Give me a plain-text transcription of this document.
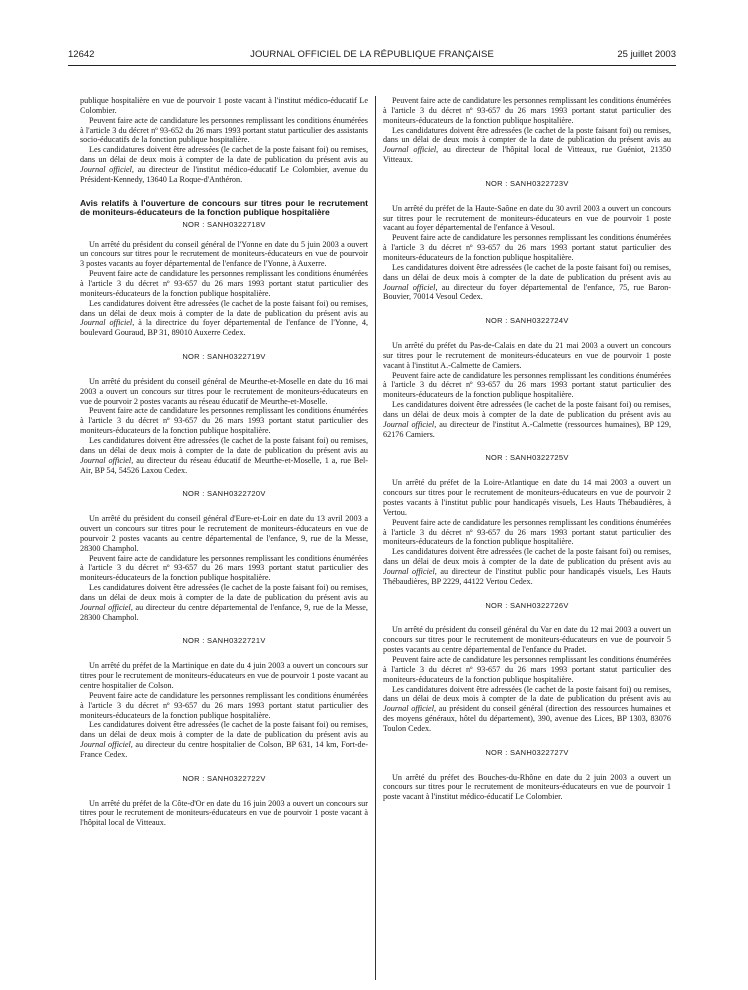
12642	JOURNAL OFFICIEL DE LA RÉPUBLIQUE FRANÇAISE	25 juillet 2003

publique hospitalière en vue de pourvoir 1 poste vacant à l'institut médico-éducatif Le Colombier.

Peuvent faire acte de candidature les personnes remplissant les conditions énumérées à l'article 3 du décret nº 93-652 du 26 mars 1993 portant statut particulier des assistants socio-éducatifs de la fonction publique hospitalière.

Les candidatures doivent être adressées (le cachet de la poste faisant foi) ou remises, dans un délai de deux mois à compter de la date de publication du présent avis au Journal officiel, au directeur de l'institut médico-éducatif Le Colombier, avenue du Président-Kennedy, 13640 La Roque-d'Anthéron.

Avis relatifs à l'ouverture de concours sur titres pour le recrutement de moniteurs-éducateurs de la fonction publique hospitalière
NOR : SANH0322718V

Un arrêté du président du conseil général de l'Yonne en date du 5 juin 2003 a ouvert un concours sur titres pour le recrutement de moniteurs-éducateurs en vue de pourvoir 3 postes vacants au foyer départemental de l'enfance de l'Yonne, à Auxerre.

Peuvent faire acte de candidature les personnes remplissant les conditions énumérées à l'article 3 du décret nº 93-657 du 26 mars 1993 portant statut particulier des moniteurs-éducateurs de la fonction publique hospitalière.

Les candidatures doivent être adressées (le cachet de la poste faisant foi) ou remises, dans un délai de deux mois à compter de la date de publication du présent avis au Journal officiel, à la directrice du foyer départemental de l'enfance de l'Yonne, 4, boulevard Gouraud, BP 31, 89010 Auxerre Cedex.

NOR : SANH0322719V

Un arrêté du président du conseil général de Meurthe-et-Moselle en date du 16 mai 2003 a ouvert un concours sur titres pour le recrutement de moniteurs-éducateurs en vue de pourvoir 2 postes vacants au réseau éducatif de Meurthe-et-Moselle.

Peuvent faire acte de candidature les personnes remplissant les conditions énumérées à l'article 3 du décret nº 93-657 du 26 mars 1993 portant statut particulier des moniteurs-éducateurs de la fonction publique hospitalière.

Les candidatures doivent être adressées (le cachet de la poste faisant foi) ou remises, dans un délai de deux mois à compter de la date de publication du présent avis au Journal officiel, au directeur du réseau éducatif de Meurthe-et-Moselle, 1 a, rue Bel-Air, BP 54, 54526 Laxou Cedex.

NOR : SANH0322720V

Un arrêté du président du conseil général d'Eure-et-Loir en date du 13 avril 2003 a ouvert un concours sur titres pour le recrutement de moniteurs-éducateurs en vue de pourvoir 2 postes vacants au centre départemental de l'enfance, 9, rue de la Messe, 28300 Champhol.

Peuvent faire acte de candidature les personnes remplissant les conditions énumérées à l'article 3 du décret nº 93-657 du 26 mars 1993 portant statut particulier des moniteurs-éducateurs de la fonction publique hospitalière.

Les candidatures doivent être adressées (le cachet de la poste faisant foi) ou remises, dans un délai de deux mois à compter de la date de publication du présent avis au Journal officiel, au directeur du centre départemental de l'enfance, 9, rue de la Messe, 28300 Champhol.

NOR : SANH0322721V

Un arrêté du préfet de la Martinique en date du 4 juin 2003 a ouvert un concours sur titres pour le recrutement de moniteurs-éducateurs en vue de pourvoir 1 poste vacant au centre hospitalier de Colson.

Peuvent faire acte de candidature les personnes remplissant les conditions énumérées à l'article 3 du décret nº 93-657 du 26 mars 1993 portant statut particulier des moniteurs-éducateurs de la fonction publique hospitalière.

Les candidatures doivent être adressées (le cachet de la poste faisant foi) ou remises, dans un délai de deux mois à compter de la date de publication du présent avis au Journal officiel, au directeur du centre hospitalier de Colson, BP 631, 14 km, Fort-de-France Cedex.

NOR : SANH0322722V

Un arrêté du préfet de la Côte-d'Or en date du 16 juin 2003 a ouvert un concours sur titres pour le recrutement de moniteurs-éducateurs en vue de pourvoir 1 poste vacant à l'hôpital local de Vitteaux.

Peuvent faire acte de candidature les personnes remplissant les conditions énumérées à l'article 3 du décret nº 93-657 du 26 mars 1993 portant statut particulier des moniteurs-éducateurs de la fonction publique hospitalière.

Les candidatures doivent être adressées (le cachet de la poste faisant foi) ou remises, dans un délai de deux mois à compter de la date de publication du présent avis au Journal officiel, au directeur de l'hôpital local de Vitteaux, rue Guéniot, 21350 Vitteaux.

NOR : SANH0322723V

Un arrêté du préfet de la Haute-Saône en date du 30 avril 2003 a ouvert un concours sur titres pour le recrutement de moniteurs-éducateurs en vue de pourvoir 1 poste vacant au foyer départemental de l'enfance à Vesoul.

Peuvent faire acte de candidature les personnes remplissant les conditions énumérées à l'article 3 du décret nº 93-657 du 26 mars 1993 portant statut particulier des moniteurs-éducateurs de la fonction publique hospitalière.

Les candidatures doivent être adressées (le cachet de la poste faisant foi) ou remises, dans un délai de deux mois à compter de la date de publication du présent avis au Journal officiel, au directeur du foyer départemental de l'enfance, 75, rue Baron-Bouvier, 70014 Vesoul Cedex.

NOR : SANH0322724V

Un arrêté du préfet du Pas-de-Calais en date du 21 mai 2003 a ouvert un concours sur titres pour le recrutement de moniteurs-éducateurs en vue de pourvoir 1 poste vacant à l'institut A.-Calmette de Camiers.

Peuvent faire acte de candidature les personnes remplissant les conditions énumérées à l'article 3 du décret nº 93-657 du 26 mars 1993 portant statut particulier des moniteurs-éducateurs de la fonction publique hospitalière.

Les candidatures doivent être adressées (le cachet de la poste faisant foi) ou remises, dans un délai de deux mois à compter de la date de publication du présent avis au Journal officiel, au directeur de l'institut A.-Calmette (ressources humaines), BP 129, 62176 Camiers.

NOR : SANH0322725V

Un arrêté du préfet de la Loire-Atlantique en date du 14 mai 2003 a ouvert un concours sur titres pour le recrutement de moniteurs-éducateurs en vue de pourvoir 2 postes vacants à l'institut public pour handicapés visuels, Les Hauts Thébaudières, à Vertou.

Peuvent faire acte de candidature les personnes remplissant les conditions énumérées à l'article 3 du décret nº 93-657 du 26 mars 1993 portant statut particulier des moniteurs-éducateurs de la fonction publique hospitalière.

Les candidatures doivent être adressées (le cachet de la poste faisant foi) ou remises, dans un délai de deux mois à compter de la date de publication du présent avis au Journal officiel, au directeur de l'institut public pour handicapés visuels, Les Hauts Thébaudières, BP 2229, 44122 Vertou Cedex.

NOR : SANH0322726V

Un arrêté du président du conseil général du Var en date du 12 mai 2003 a ouvert un concours sur titres pour le recrutement de moniteurs-éducateurs en vue de pourvoir 5 postes vacants au centre départemental de l'enfance du Pradet.

Peuvent faire acte de candidature les personnes remplissant les conditions énumérées à l'article 3 du décret nº 93-657 du 26 mars 1993 portant statut particulier des moniteurs-éducateurs de la fonction publique hospitalière.

Les candidatures doivent être adressées (le cachet de la poste faisant foi) ou remises, dans un délai de deux mois à compter de la date de publication du présent avis au Journal officiel, au président du conseil général (direction des ressources humaines et des moyens généraux, hôtel du département), 390, avenue des Lices, BP 1303, 83076 Toulon Cedex.

NOR : SANH0322727V

Un arrêté du préfet des Bouches-du-Rhône en date du 2 juin 2003 a ouvert un concours sur titres pour le recrutement de moniteurs-éducateurs en vue de pourvoir 1 poste vacant à l'institut médico-éducatif Le Colombier.
